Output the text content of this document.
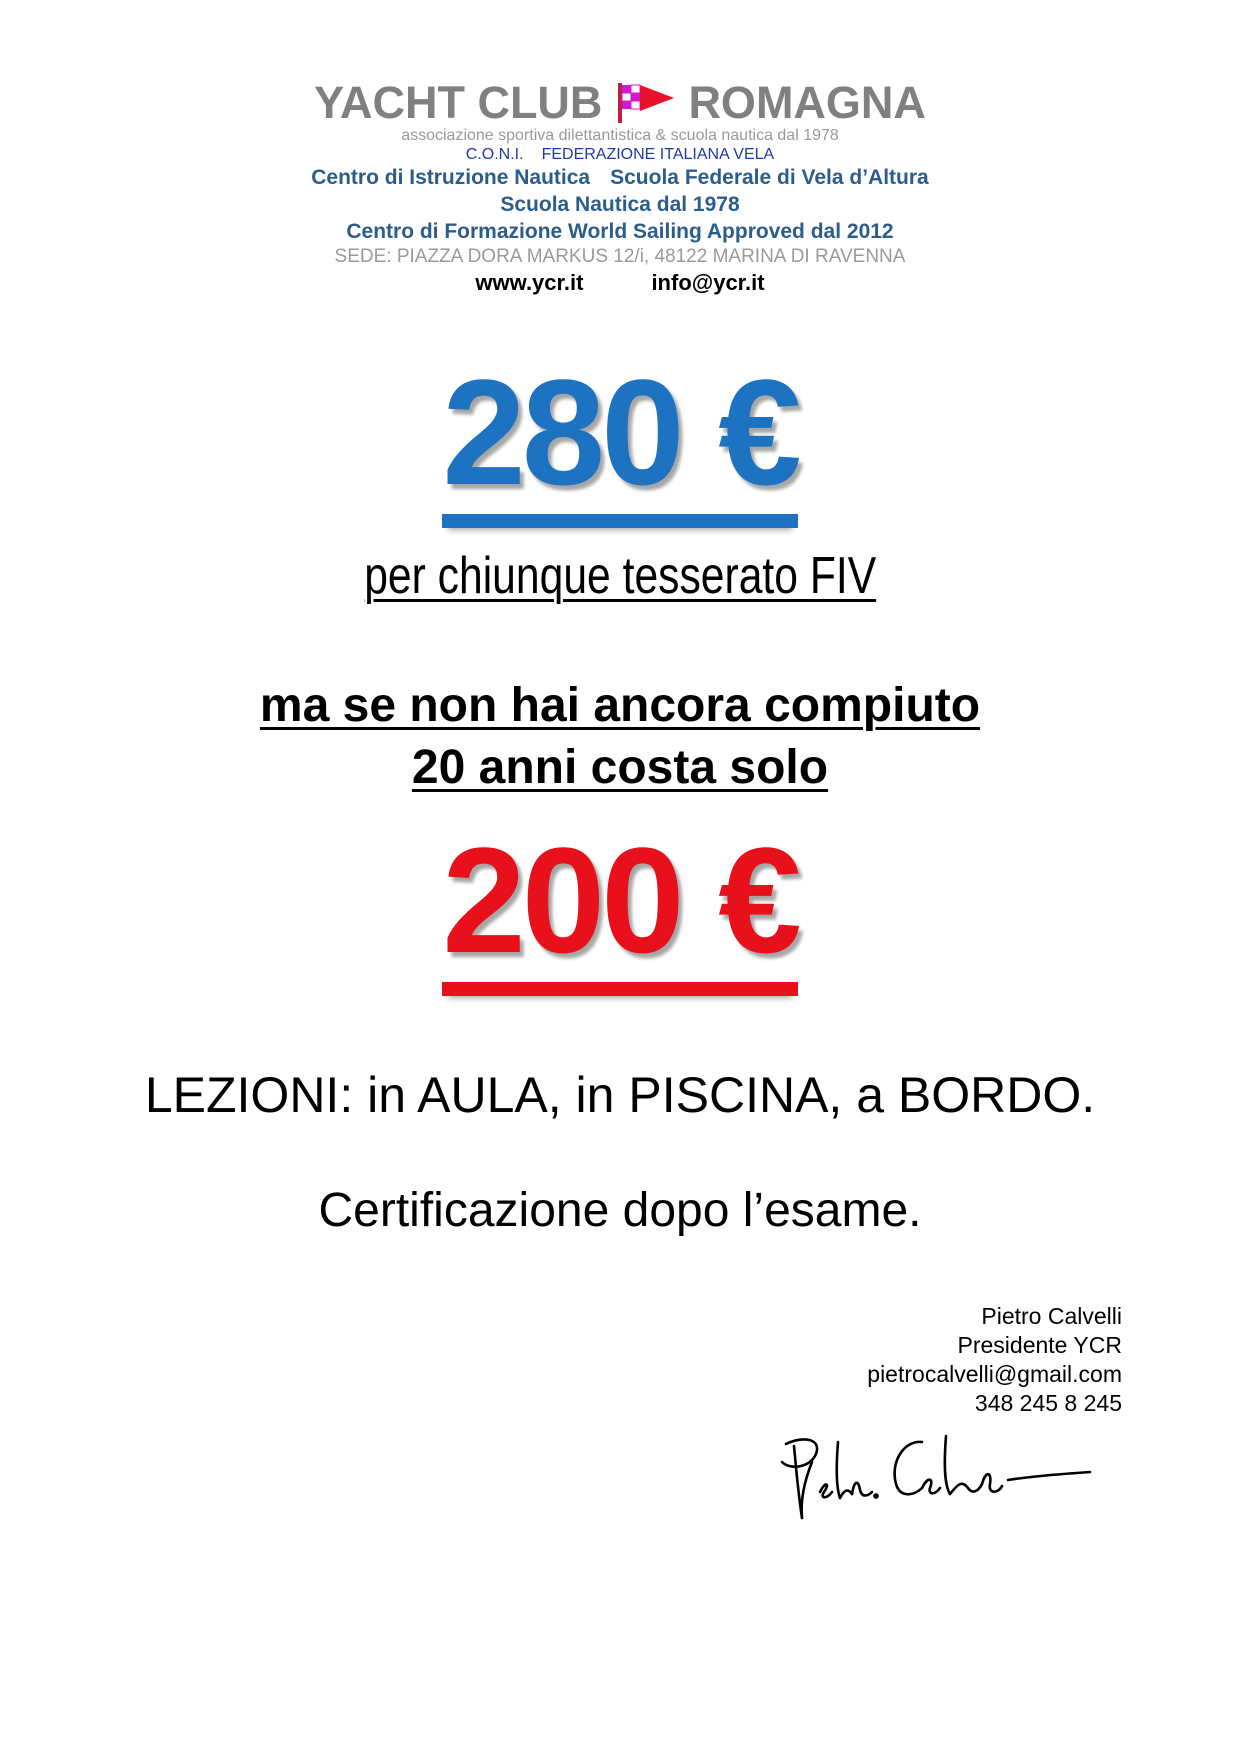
YACHT CLUB ROMAGNA
associazione sportiva dilettantistica & scuola nautica dal 1978
C.O.N.I. FEDERAZIONE ITALIANA VELA
Centro di Istruzione Nautica Scuola Federale di Vela d’Altura
Scuola Nautica dal 1978
Centro di Formazione World Sailing Approved dal 2012
SEDE: PIAZZA DORA MARKUS 12/i, 48122 MARINA DI RAVENNA
www.ycr.it	info@ycr.it
280 €
per chiunque tesserato FIV
ma se non hai ancora compiuto
20 anni costa solo
200 €
LEZIONI: in AULA, in PISCINA, a BORDO.
Certificazione dopo l’esame.
Pietro Calvelli
Presidente YCR
pietrocalvelli@gmail.com
348 245 8 245
